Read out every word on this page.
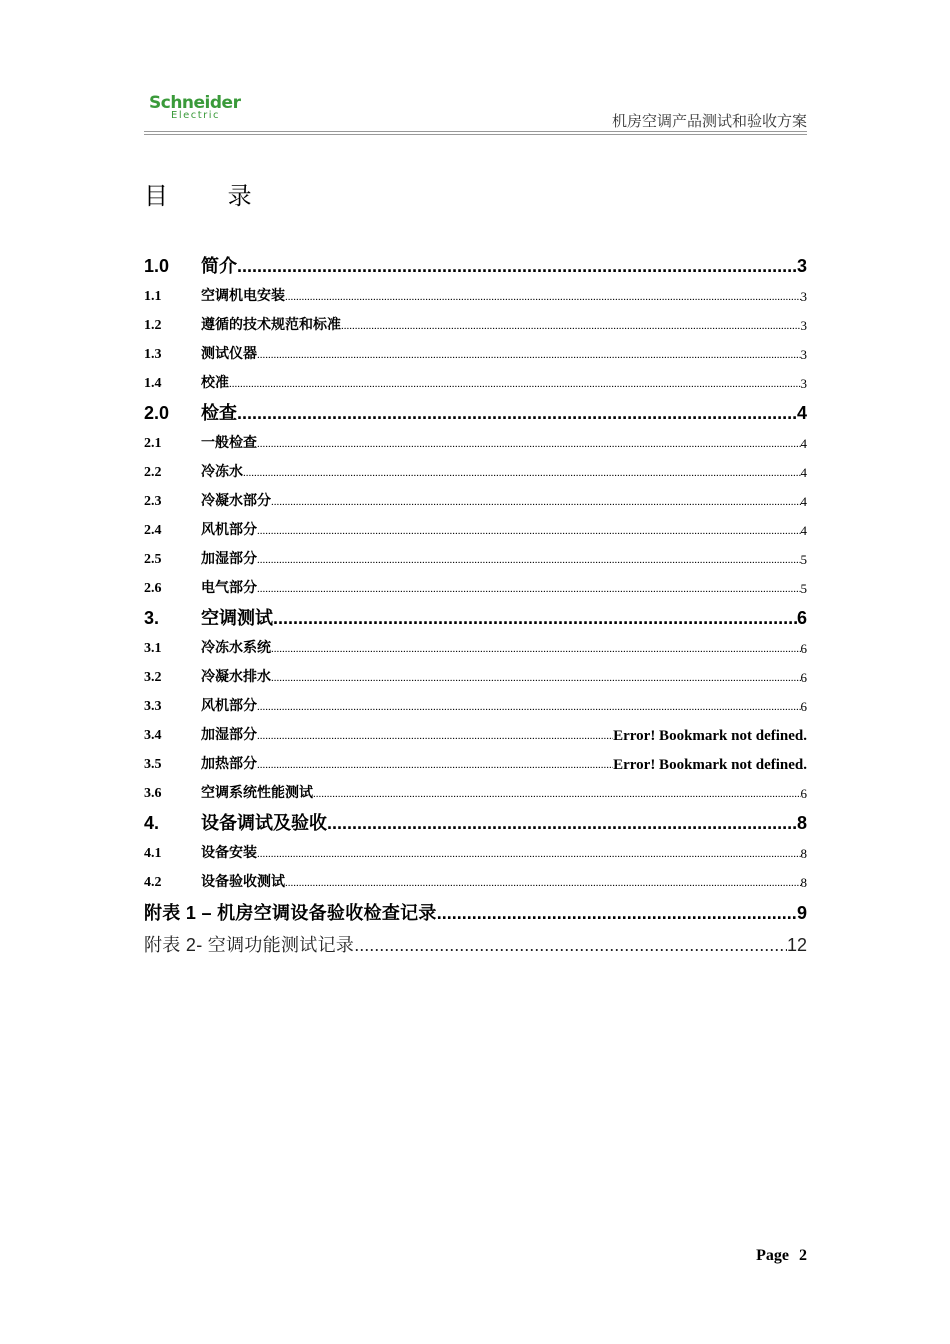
Schneider
Electric	机房空调产品测试和验收方案
目 录
1.0	简介 .....	3
1.1	空调机电安装 .....	3
1.2	遵循的技术规范和标准 .....	3
1.3	测试仪器 .....	3
1.4	校准 .....	3
2.0	检查 .....	4
2.1	一般检查 .....	4
2.2	冷冻水 .....	4
2.3	冷凝水部分 .....	4
2.4	风机部分 .....	4
2.5	加湿部分 .....	5
2.6	电气部分 .....	5
3.	空调测试 .....	6
3.1	冷冻水系统 .....	6
3.2	冷凝水排水 .....	6
3.3	风机部分 .....	6
3.4	加湿部分 .....	Error! Bookmark not defined.
3.5	加热部分 .....	Error! Bookmark not defined.
3.6	空调系统性能测试 .....	6
4.	设备调试及验收 .....	8
4.1	设备安装 .....	8
4.2	设备验收测试 .....	8
附表 1 – 机房空调设备验收检查记录 .....	9
附表 2- 空调功能测试记录 .....	12
Page 2
